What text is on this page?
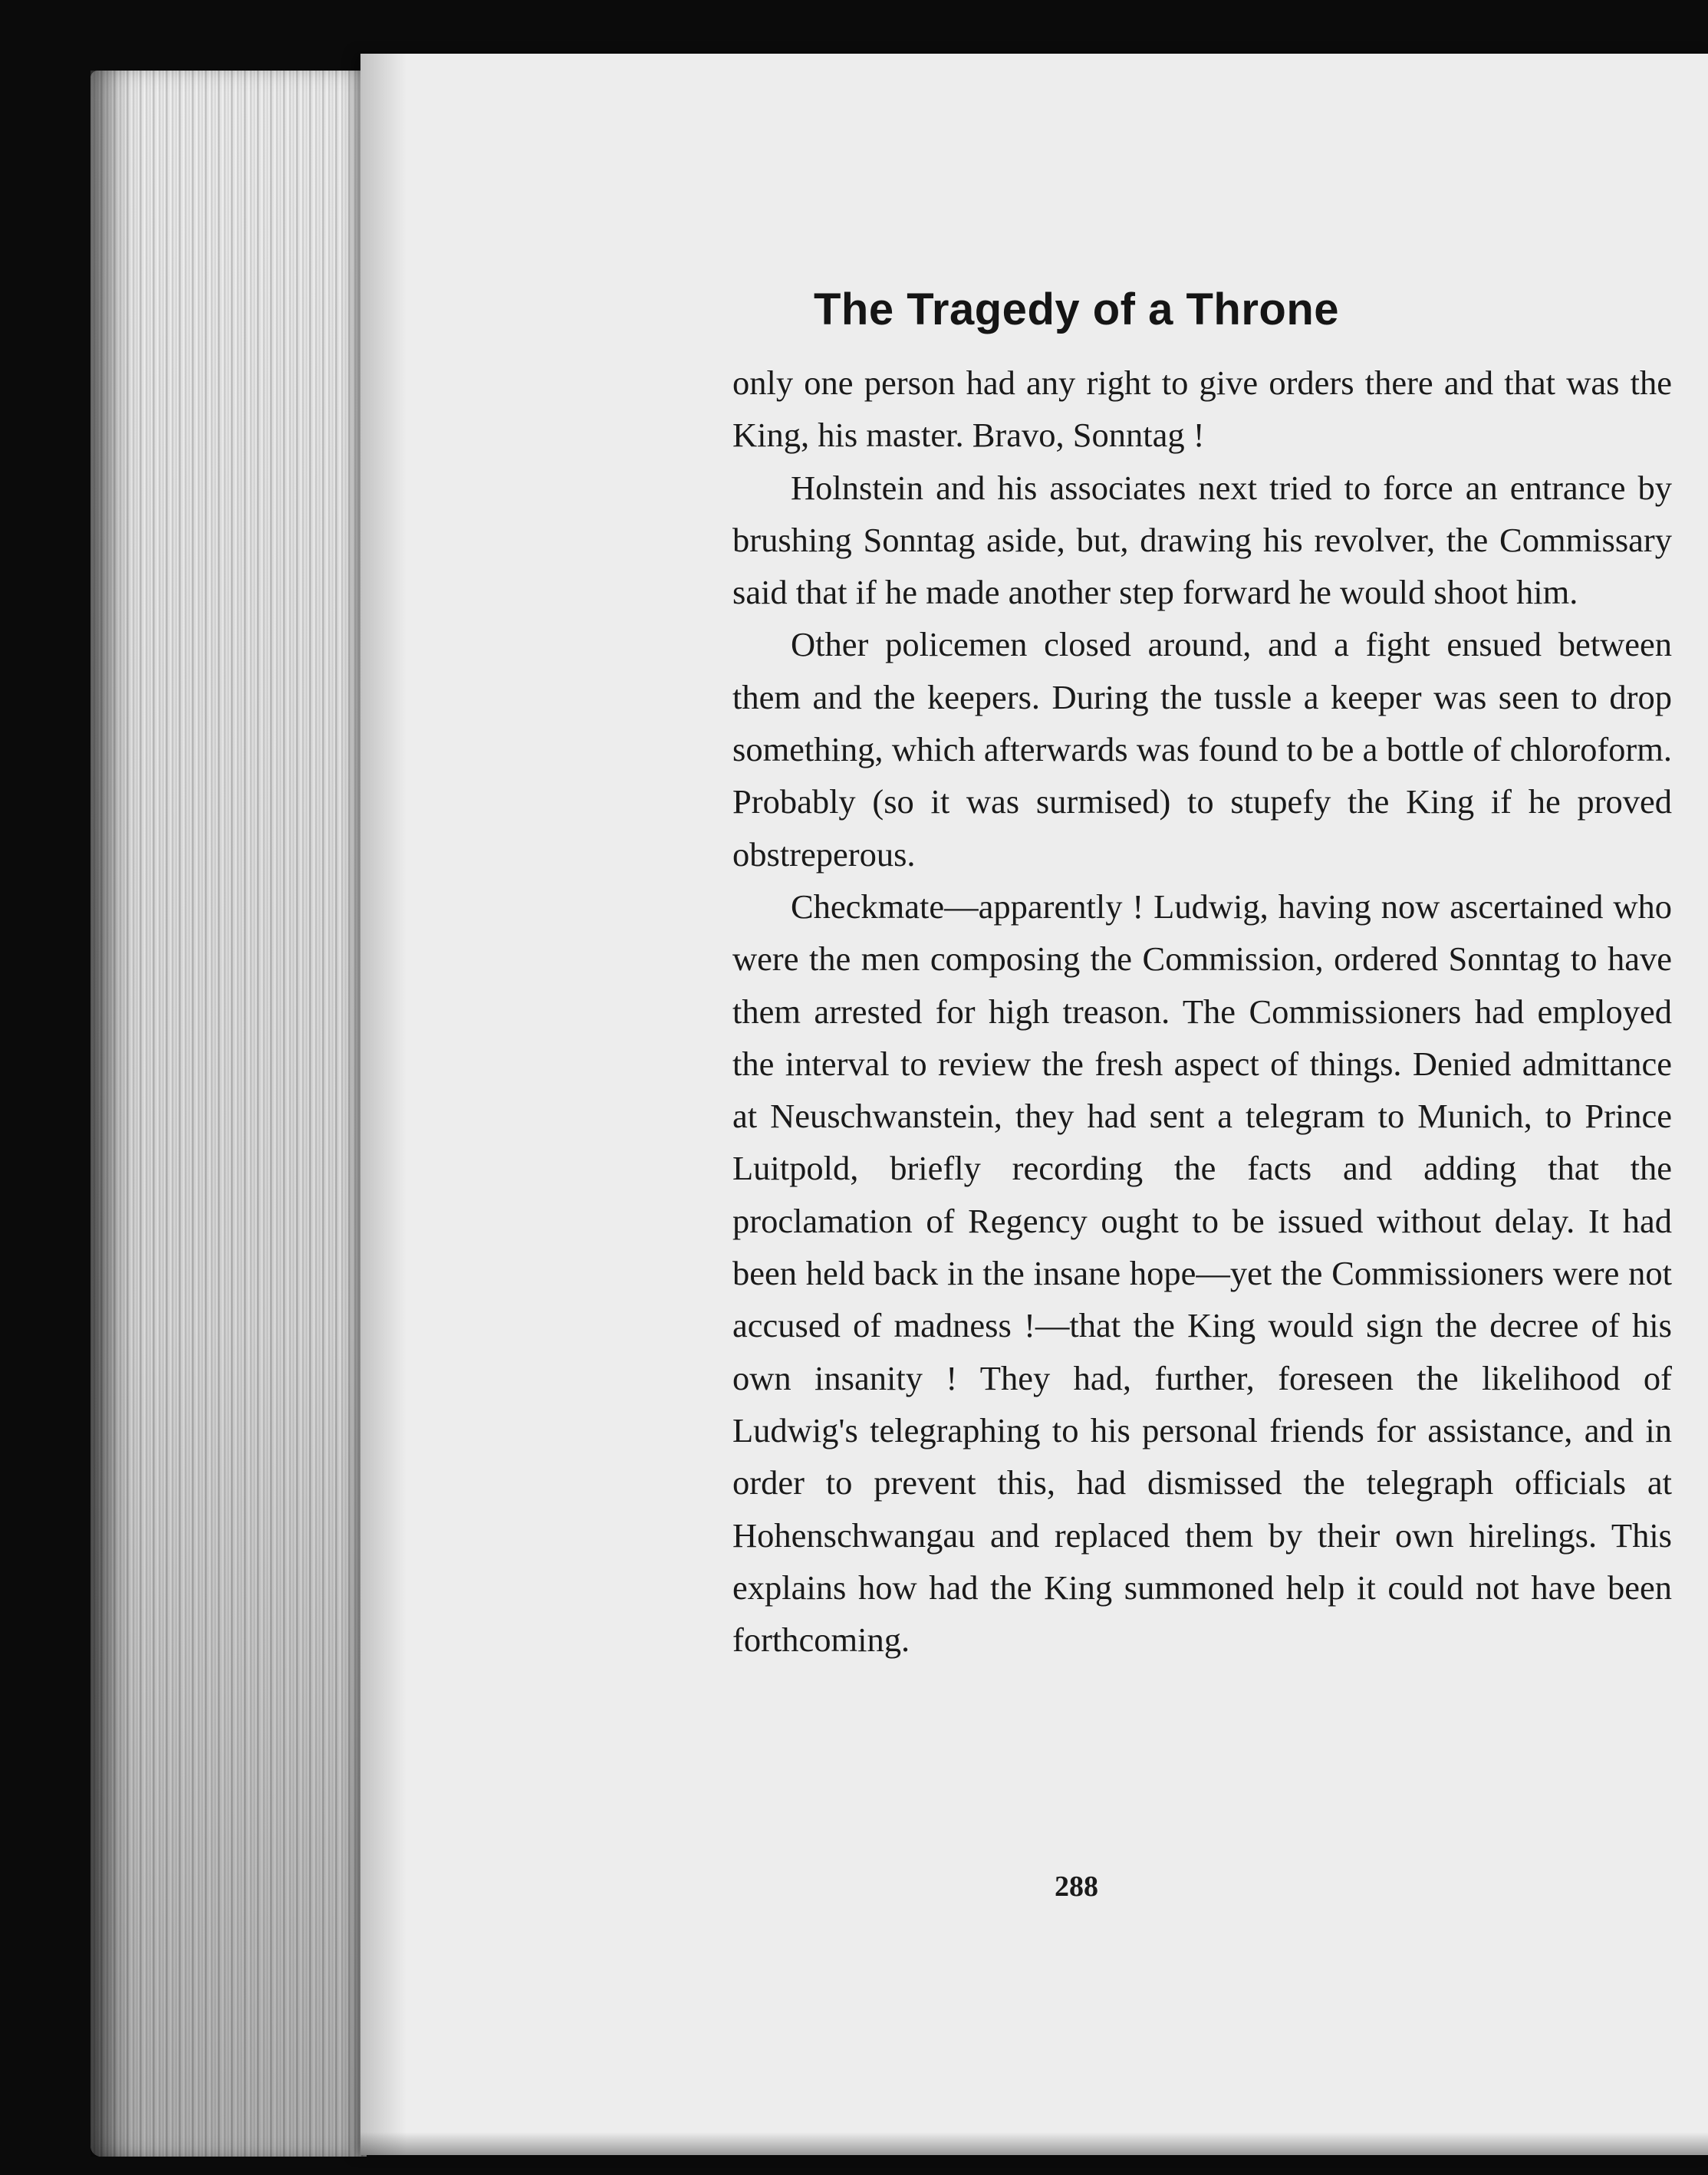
The Tragedy of a Throne

only one person had any right to give orders there and that was the King, his master. Bravo, Sonntag !

Holnstein and his associates next tried to force an entrance by brushing Sonntag aside, but, drawing his revolver, the Commissary said that if he made another step forward he would shoot him.

Other policemen closed around, and a fight ensued between them and the keepers. During the tussle a keeper was seen to drop something, which afterwards was found to be a bottle of chloroform. Probably (so it was surmised) to stupefy the King if he proved obstreperous.

Checkmate—apparently ! Ludwig, having now ascertained who were the men composing the Commission, ordered Sonntag to have them arrested for high treason. The Commissioners had employed the interval to review the fresh aspect of things. Denied admittance at Neuschwanstein, they had sent a telegram to Munich, to Prince Luitpold, briefly recording the facts and adding that the proclamation of Regency ought to be issued without delay. It had been held back in the insane hope—yet the Commissioners were not accused of madness !—that the King would sign the decree of his own insanity ! They had, further, foreseen the likelihood of Ludwig's telegraphing to his personal friends for assistance, and in order to prevent this, had dismissed the telegraph officials at Hohenschwangau and replaced them by their own hirelings. This explains how had the King summoned help it could not have been forthcoming.

288
